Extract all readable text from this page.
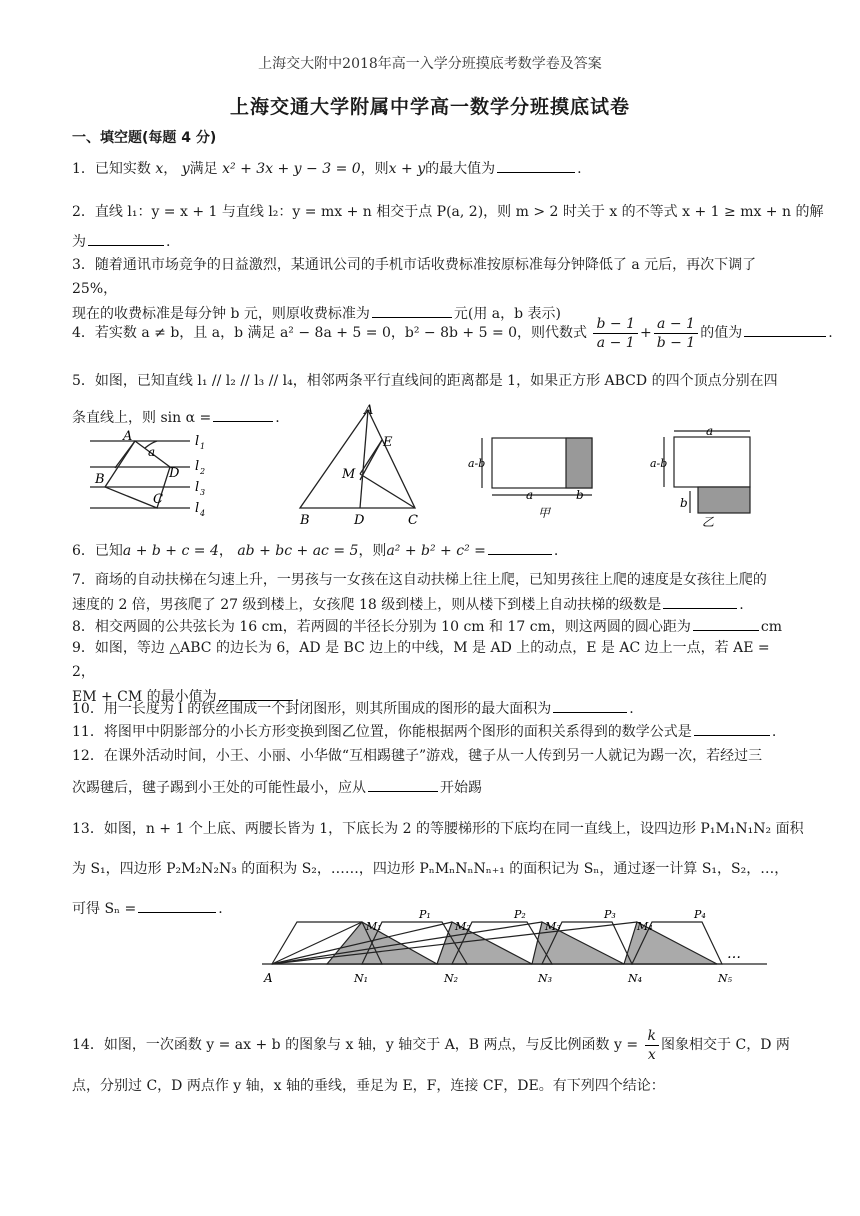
上海交大附中2018年高一入学分班摸底考数学卷及答案
上海交通大学附属中学高一数学分班摸底试卷
一、填空题(每题 4 分)
1．已知实数 x， y满足 x² + 3x + y − 3 = 0，则x + y的最大值为	.
2．直线 l₁：y = x + 1 与直线 l₂：y = mx + n 相交于点 P(a, 2)，则 m > 2 时关于 x 的不等式 x + 1 ≥ mx + n 的解
为	.
3．随着通讯市场竞争的日益激烈，某通讯公司的手机市话收费标准按原标准每分钟降低了 a 元后，再次下调了 25%，
现在的收费标准是每分钟 b 元，则原收费标准为	元(用 a，b 表示)
4．若实数 a ≠ b，且 a，b 满足 a² − 8a + 5 = 0，b² − 8b + 5 = 0，则代数式 $\frac{b - 1}{a - 1} + \frac{a - 1}{b - 1}$ 的值为	.
5．如图，已知直线 l₁ // l₂ // l₃ // l₄，相邻两条平行直线间的距离都是 1，如果正方形 ABCD 的四个顶点分别在四
条直线上，则 sin α =	.
A
a
B	D
C
l 1
l 2
l 3
l 4
A
E
M
B	D	C
a-b
a	b
甲
a
a-b
b
乙
6．已知a + b + c = 4， ab + bc + ac = 5，则a² + b² + c² =	.
7．商场的自动扶梯在匀速上升，一男孩与一女孩在这自动扶梯上往上爬，已知男孩往上爬的速度是女孩往上爬的
速度的 2 倍，男孩爬了 27 级到楼上，女孩爬 18 级到楼上，则从楼下到楼上自动扶梯的级数是	.
8．相交两圆的公共弦长为 16 cm，若两圆的半径长分别为 10 cm 和 17 cm，则这两圆的圆心距为	cm
9．如图，等边 △ABC 的边长为 6，AD 是 BC 边上的中线，M 是 AD 上的动点，E 是 AC 边上一点，若 AE = 2，
EM + CM 的最小值为	.
10．用一长度为 l 的铁丝围成一个封闭图形，则其所围成的图形的最大面积为	.
11．将图甲中阴影部分的小长方形变换到图乙位置，你能根据两个图形的面积关系得到的数学公式是	.
12．在课外活动时间，小王、小丽、小华做“互相踢毽子”游戏，毽子从一人传到另一人就记为踢一次，若经过三
次踢毽后，毽子踢到小王处的可能性最小，应从	开始踢
13．如图，n + 1 个上底、两腰长皆为 1，下底长为 2 的等腰梯形的下底均在同一直线上，设四边形 P₁M₁N₁N₂ 面积
为 S₁，四边形 P₂M₂N₂N₃ 的面积为 S₂，……，四边形 PₙMₙNₙNₙ₊₁ 的面积记为 Sₙ，通过逐一计算 S₁，S₂，…，
可得 Sₙ =	.
A	N₁	N₂	N₃	N₄	N₅
M₁	M₂	M₃	M₄
P₁	P₂	P₃	P₄
…
14．如图，一次函数 y = ax + b 的图象与 x 轴，y 轴交于 A，B 两点，与反比例函数 $y = \frac{k}{x}$ 图象相交于 C，D 两
点，分别过 C，D 两点作 y 轴，x 轴的垂线，垂足为 E，F，连接 CF，DE。有下列四个结论：
